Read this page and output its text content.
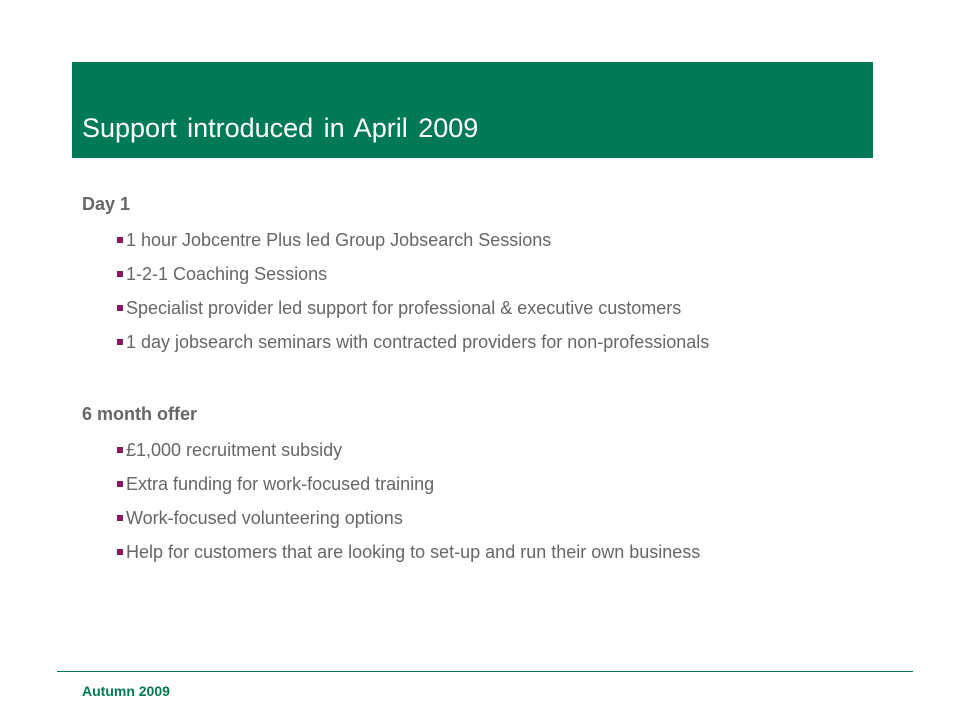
Support introduced in April 2009
Day 1
1 hour Jobcentre Plus led Group Jobsearch Sessions
1-2-1 Coaching Sessions
Specialist provider led support for professional & executive customers
1 day jobsearch seminars with contracted providers for non-professionals
6 month offer
£1,000 recruitment subsidy
Extra funding for work-focused training
Work-focused volunteering options
Help for customers that are looking to set-up and run their own business
Autumn 2009
